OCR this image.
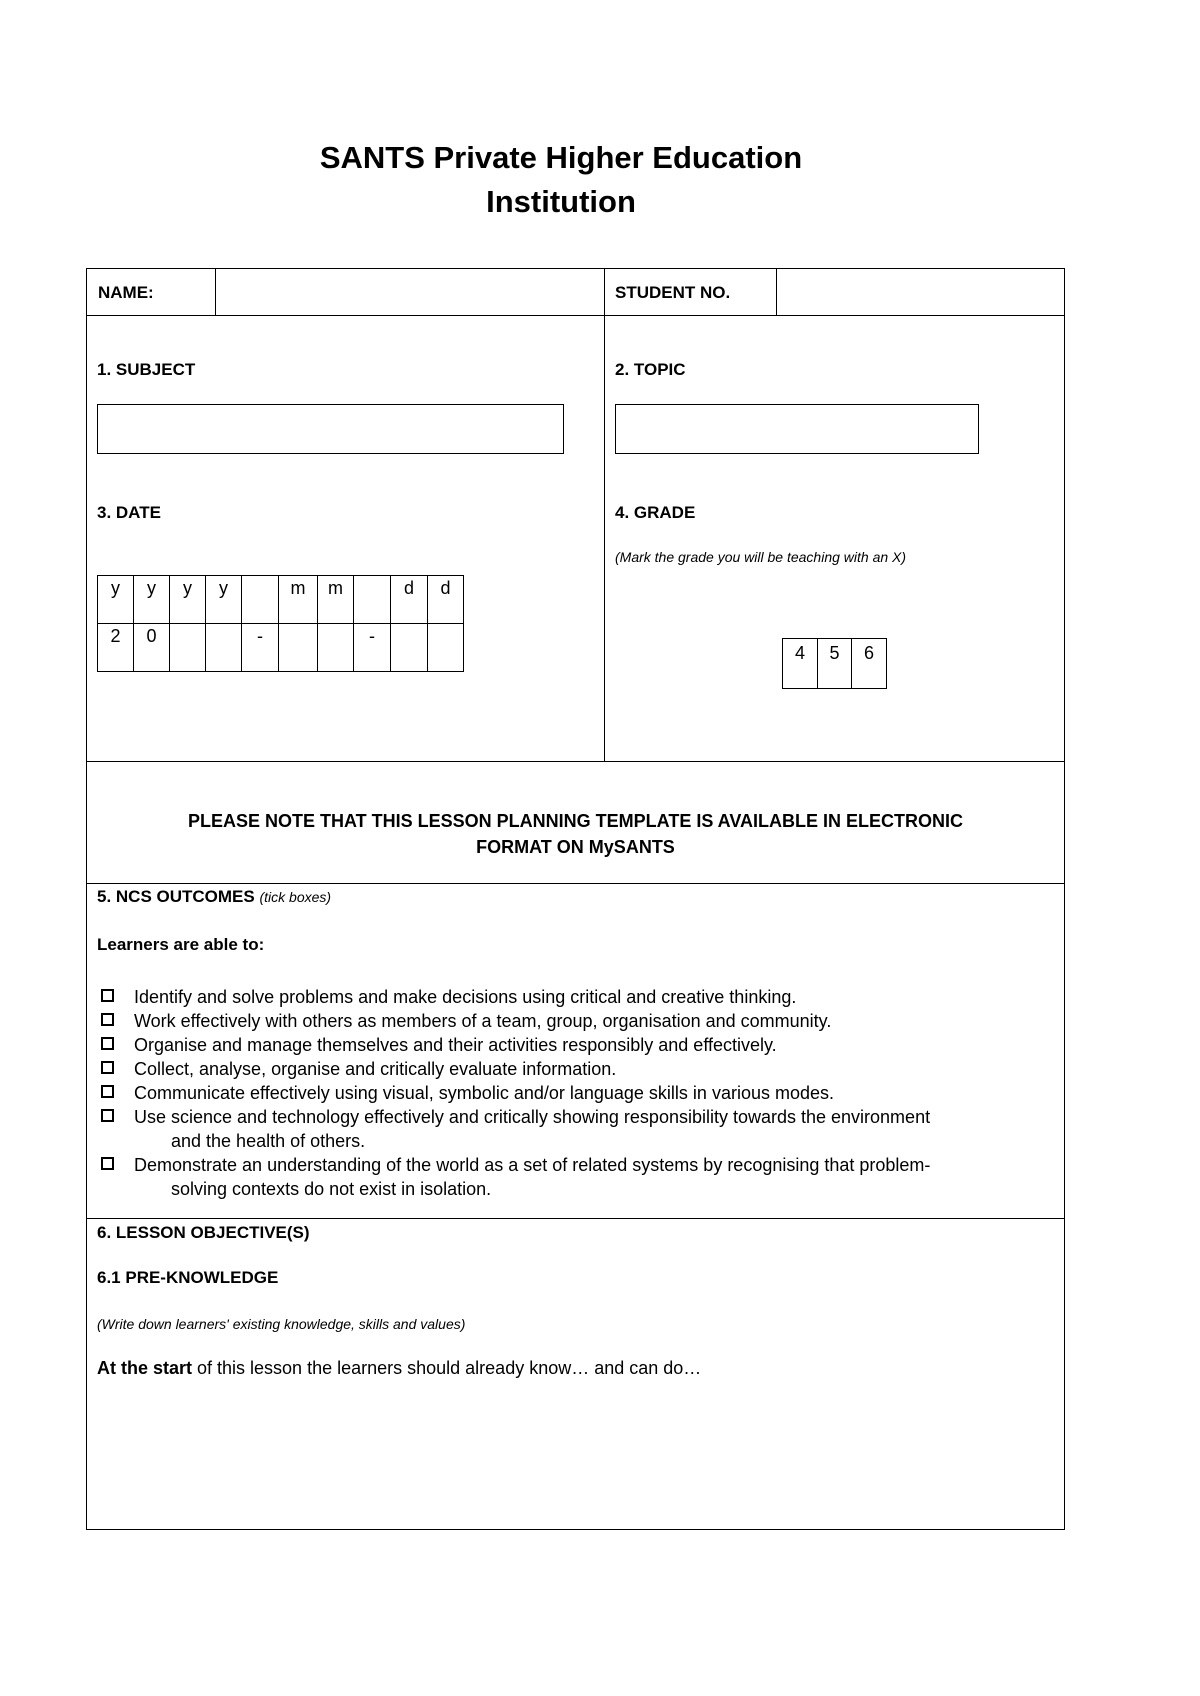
SANTS Private Higher Education
Institution
NAME:	STUDENT NO.
1. SUBJECT	2. TOPIC
3. DATE
y	y	y	y		m	m		d	d
2	0			-			-		
4. GRADE
(Mark the grade you will be teaching with an X)
4	5	6
PLEASE NOTE THAT THIS LESSON PLANNING TEMPLATE IS AVAILABLE IN ELECTRONIC
FORMAT ON MySANTS
5. NCS OUTCOMES (tick boxes)
Learners are able to:
Identify and solve problems and make decisions using critical and creative thinking.
Work effectively with others as members of a team, group, organisation and community.
Organise and manage themselves and their activities responsibly and effectively.
Collect, analyse, organise and critically evaluate information.
Communicate effectively using visual, symbolic and/or language skills in various modes.
Use science and technology effectively and critically showing responsibility towards the environment
and the health of others.
Demonstrate an understanding of the world as a set of related systems by recognising that problem-
solving contexts do not exist in isolation.
6. LESSON OBJECTIVE(S)
6.1 PRE-KNOWLEDGE
(Write down learners' existing knowledge, skills and values)
At the start of this lesson the learners should already know… and can do…
